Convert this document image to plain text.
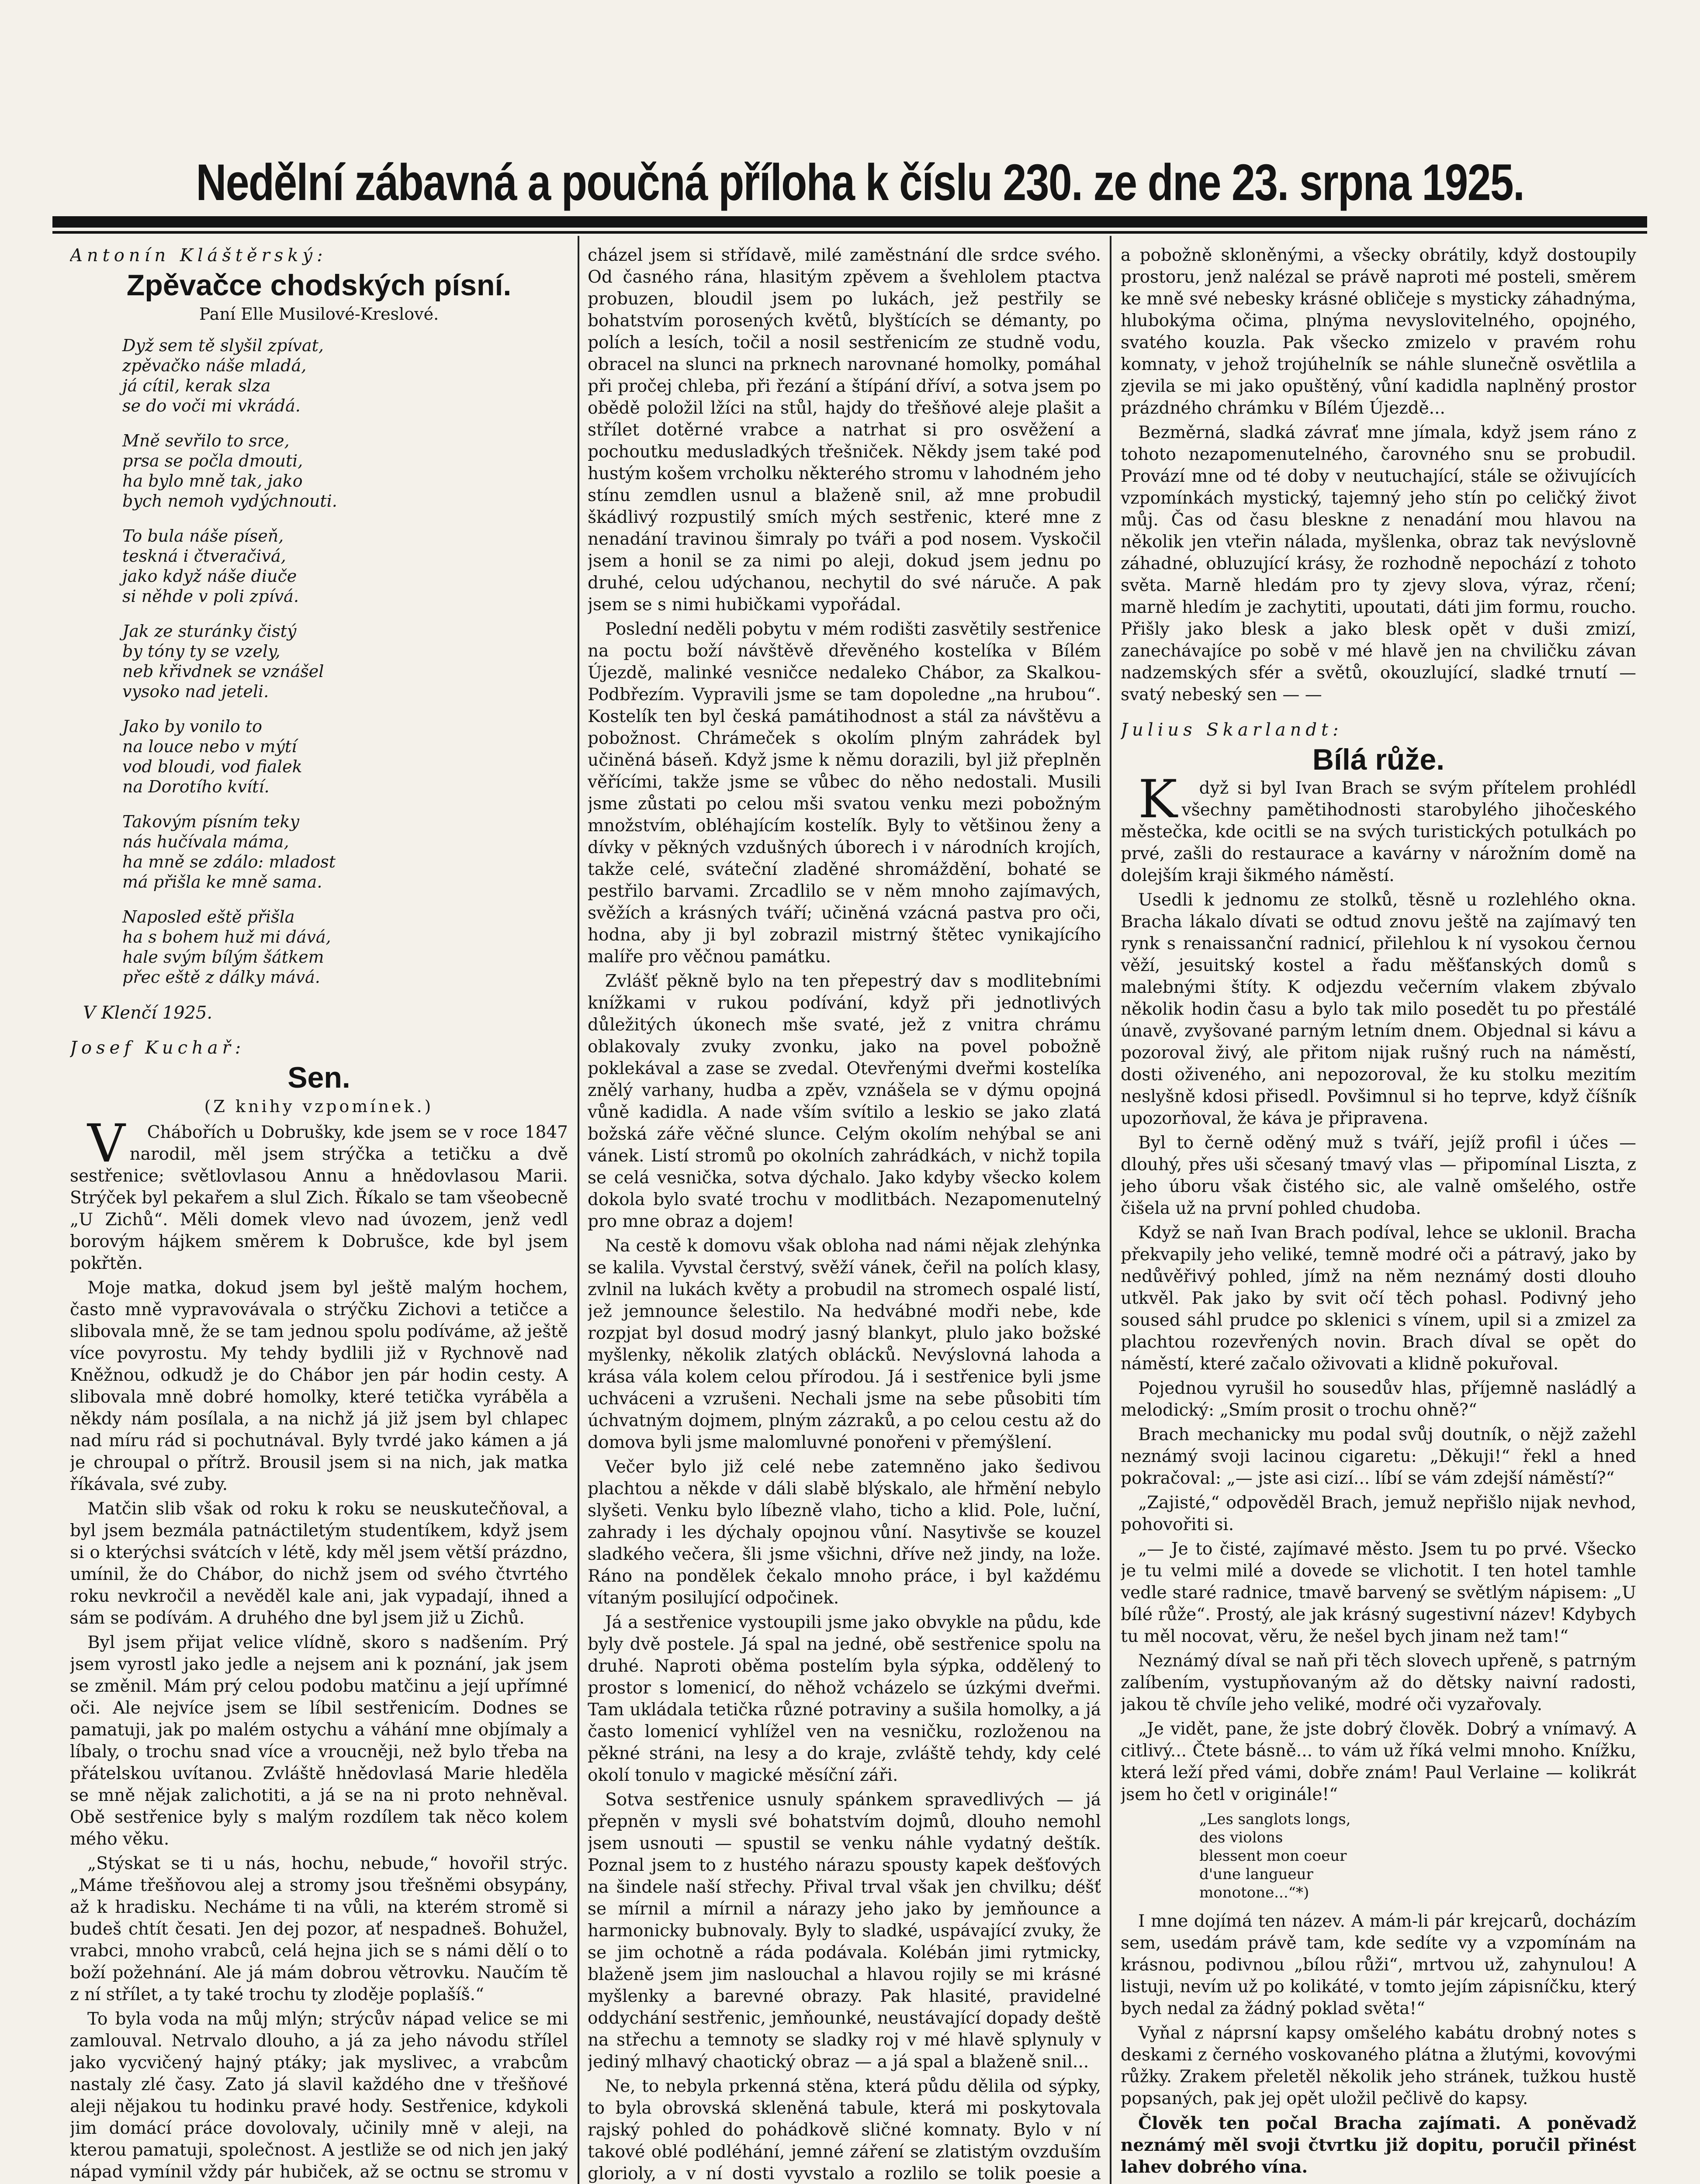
Nedělní zábavná a poučná příloha k číslu 230. ze dne 23. srpna 1925.
Antonín Kláštěrský:
Zpěvačce chodských písní.
Paní Elle Musilové-Kreslové.
Dyž sem tě slyšil zpívat,
zpěvačko náše mladá,
já cítil, kerak slza
se do voči mi vkrádá.
Mně sevřilo to srce,
prsa se počla dmouti,
ha bylo mně tak, jako
bych nemoh vydýchnouti.
To bula náše píseň,
teskná i čtveračivá,
jako když náše diuče
si něhde v poli zpívá.
Jak ze sturánky čistý
by tóny ty se vzely,
neb křivdnek se vznášel
vysoko nad jeteli.
Jako by vonilo to
na louce nebo v mýtí
vod bloudi, vod fialek
na Dorotího kvítí.
Takovým písním teky
nás hučívala máma,
ha mně se zdálo: mladost
má přišla ke mně sama.
Naposled eště přišla
ha s bohem huž mi dává,
hale svým bílým šátkem
přec eště z dálky mává.
V Klenčí 1925.
Josef Kuchař:
Sen.
(Z knihy vzpomínek.)

VChábořích u Dobrušky, kde jsem se v roce 1847 narodil, měl jsem strýčka a tetičku a dvě sestřenice; světlovlasou Annu a hnědovlasou Marii. Strýček byl pekařem a slul Zich. Říkalo se tam všeobecně „U Zichů“. Měli domek vlevo nad úvozem, jenž vedl borovým hájkem směrem k Dobrušce, kde byl jsem pokřtěn.

Moje matka, dokud jsem byl ještě malým hochem, často mně vypravovávala o strýčku Zichovi a tetičce a slibovala mně, že se tam jednou spolu podíváme, až ještě více povyrostu. My tehdy bydlili již v Rychnově nad Kněžnou, odkudž je do Chábor jen pár hodin cesty. A slibovala mně dobré homolky, které tetička vyráběla a někdy nám posílala, a na nichž já již jsem byl chlapec nad míru rád si pochutnával. Byly tvrdé jako kámen a já je chroupal o přítrž. Brousil jsem si na nich, jak matka říkávala, své zuby.

Matčin slib však od roku k roku se neuskutečňoval, a byl jsem bezmála patnáctiletým studentíkem, když jsem si o kterýchsi svátcích v létě, kdy měl jsem větší prázdno, umínil, že do Chábor, do nichž jsem od svého čtvrtého roku nevkročil a nevěděl kale ani, jak vypadají, ihned a sám se podívám. A druhého dne byl jsem již u Zichů.

Byl jsem přijat velice vlídně, skoro s nadšením. Prý jsem vyrostl jako jedle a nejsem ani k poznání, jak jsem se změnil. Mám prý celou podobu matčinu a její upřímné oči. Ale nejvíce jsem se líbil sestřenicím. Dodnes se pamatuji, jak po malém ostychu a váhání mne objímaly a líbaly, o trochu snad více a vroucněji, než bylo třeba na přátelskou uvítanou. Zvláště hnědovlasá Marie hleděla se mně nějak zalichotiti, a já se na ni proto nehněval. Obě sestřenice byly s malým rozdílem tak něco kolem mého věku.

„Stýskat se ti u nás, hochu, nebude,“ hovořil strýc. „Máme třešňovou alej a stromy jsou třešněmi obsypány, až k hradisku. Necháme ti na vůli, na kterém stromě si budeš chtít česati. Jen dej pozor, ať nespadneš. Bohužel, vrabci, mnoho vrabců, celá hejna jich se s námi dělí o to boží požehnání. Ale já mám dobrou větrovku. Naučím tě z ní střílet, a ty také trochu ty zloděje poplašíš.“

To byla voda na můj mlýn; strýcův nápad velice se mi zamlouval. Netrvalo dlouho, a já za jeho návodu střílel jako vycvičený hajný ptáky; jak myslivec, a vrabcům nastaly zlé časy. Zato já slavil každého dne v třešňové aleji nějakou tu hodinku pravé hody. Sestřenice, kdykoli jim domácí práce dovolovaly, učinily mně v aleji, na kterou pamatuji, společnost. A jestliže se od nich jen jaký nápad vymínil vždy pár hubiček, až se octnu se stromu v

cházel jsem si střídavě, milé zaměstnání dle srdce svého. Od časného rána, hlasitým zpěvem a švehlolem ptactva probuzen, bloudil jsem po lukách, jež pestřily se bohatstvím porosených květů, blyštících se démanty, po polích a lesích, točil a nosil sestřenicím ze studně vodu, obracel na slunci na prknech narovnané homolky, pomáhal při pročej chleba, při řezání a štípání dříví, a sotva jsem po obědě položil lžíci na stůl, hajdy do třešňové aleje plašit a střílet dotěrné vrabce a natrhat si pro osvěžení a pochoutku medusladkých třešniček. Někdy jsem také pod hustým košem vrcholku některého stromu v lahodném jeho stínu zemdlen usnul a blaženě snil, až mne probudil škádlivý rozpustilý smích mých sestřenic, které mne z nenadání travinou šimraly po tváři a pod nosem. Vyskočil jsem a honil se za nimi po aleji, dokud jsem jednu po druhé, celou udýchanou, nechytil do své náruče. A pak jsem se s nimi hubičkami vypořádal.

Poslední neděli pobytu v mém rodišti zasvětily sestřenice na poctu boží návštěvě dřevěného kostelíka v Bílém Újezdě, malinké vesničce nedaleko Chábor, za Skalkou-Podbřezím. Vypravili jsme se tam dopoledne „na hrubou“. Kostelík ten byl česká památihodnost a stál za návštěvu a pobožnost. Chrámeček s okolím plným zahrádek byl učiněná báseň. Když jsme k němu dorazili, byl již přeplněn věřícími, takže jsme se vůbec do něho nedostali. Musili jsme zůstati po celou mši svatou venku mezi pobožným množstvím, obléhajícím kostelík. Byly to většinou ženy a dívky v pěkných vzdušných úborech i v národních krojích, takže celé, sváteční zladěné shromáždění, bohaté se pestřilo barvami. Zrcadlilo se v něm mnoho zajímavých, svěžích a krásných tváří; učiněná vzácná pastva pro oči, hodna, aby ji byl zobrazil mistrný štětec vynikajícího malíře pro věčnou památku.

Zvlášť pěkně bylo na ten přepestrý dav s modlitebními knížkami v rukou podívání, když při jednotlivých důležitých úkonech mše svaté, jež z vnitra chrámu oblakovaly zvuky zvonku, jako na povel pobožně poklekával a zase se zvedal. Otevřenými dveřmi kostelíka znělý varhany, hudba a zpěv, vznášela se v dýmu opojná vůně kadidla. A nade vším svítilo a leskio se jako zlatá božská záře věčné slunce. Celým okolím nehýbal se ani vánek. Listí stromů po okolních zahrádkách, v nichž topila se celá vesnička, sotva dýchalo. Jako kdyby všecko kolem dokola bylo svaté trochu v modlitbách. Nezapomenutelný pro mne obraz a dojem!

Na cestě k domovu však obloha nad námi nějak zlehýnka se kalila. Vyvstal čerstvý, svěží vánek, čeřil na polích klasy, zvlnil na lukách květy a probudil na stromech ospalé listí, jež jemnounce šelestilo. Na hedvábné modři nebe, kde rozpjat byl dosud modrý jasný blankyt, plulo jako božské myšlenky, několik zlatých oblácků. Nevýslovná lahoda a krása vála kolem celou přírodou. Já i sestřenice byli jsme uchváceni a vzrušeni. Nechali jsme na sebe působiti tím úchvatným dojmem, plným zázraků, a po celou cestu až do domova byli jsme malomluvné ponořeni v přemýšlení.

Večer bylo již celé nebe zatemněno jako šedivou plachtou a někde v dáli slabě blýskalo, ale hřmění nebylo slyšeti. Venku bylo líbezně vlaho, ticho a klid. Pole, luční, zahrady i les dýchaly opojnou vůní. Nasytivše se kouzel sladkého večera, šli jsme všichni, dříve než jindy, na lože. Ráno na pondělek čekalo mnoho práce, i byl každému vítaným posilující odpočinek.

Já a sestřenice vystoupili jsme jako obvykle na půdu, kde byly dvě postele. Já spal na jedné, obě sestřenice spolu na druhé. Naproti oběma postelím byla sýpka, oddělený to prostor s lomenicí, do něhož vcházelo se úzkými dveřmi. Tam ukládala tetička různé potraviny a sušila homolky, a já často lomenicí vyhlížel ven na vesničku, rozloženou na pěkné stráni, na lesy a do kraje, zvláště tehdy, kdy celé okolí tonulo v magické měsíční záři.

Sotva sestřenice usnuly spánkem spravedlivých — já přepněn v mysli své bohatstvím dojmů, dlouho nemohl jsem usnouti — spustil se venku náhle vydatný deštík. Poznal jsem to z hustého nárazu spousty kapek dešťových na šindele naší střechy. Přival trval však jen chvilku; déšť se mírnil a mírnil a nárazy jeho jako by jemňounce a harmonicky bubnovaly. Byly to sladké, uspávající zvuky, že se jim ochotně a ráda podávala. Kolébán jimi rytmicky, blaženě jsem jim naslouchal a hlavou rojily se mi krásné myšlenky a barevné obrazy. Pak hlasité, pravidelné oddychání sestřenic, jemňounké, neustávající dopady deště na střechu a temnoty se sladky roj v mé hlavě splynuly v jediný mlhavý chaotický obraz — a já spal a blaženě snil...

Ne, to nebyla prkenná stěna, která půdu dělila od sýpky, to byla obrovská skleněná tabule, která mi poskytovala rajský pohled do pohádkově sličné komnaty. Bylo v ní takové oblé podléhání, jemné záření se zlatistým ovzduším glorioly, a v ní dosti vyvstalo a rozlilo se tolik poesie a

a pobožně skloněnými, a všecky obrátily, když dostoupily prostoru, jenž nalézal se právě naproti mé posteli, směrem ke mně své nebesky krásné obličeje s mysticky záhadnýma, hlubokýma očima, plnýma nevyslovitelného, opojného, svatého kouzla. Pak všecko zmizelo v pravém rohu komnaty, v jehož trojúhelník se náhle slunečně osvětlila a zjevila se mi jako opuštěný, vůní kadidla naplněný prostor prázdného chrámku v Bílém Újezdě...

Bezměrná, sladká závrať mne jímala, když jsem ráno z tohoto nezapomenutelného, čarovného snu se probudil. Provází mne od té doby v neutuchající, stále se oživujících vzpomínkách mystický, tajemný jeho stín po celičký život můj. Čas od času bleskne z nenadání mou hlavou na několik jen vteřin nálada, myšlenka, obraz tak nevýslovně záhadné, obluzující krásy, že rozhodně nepochází z tohoto světa. Marně hledám pro ty zjevy slova, výraz, rčení; marně hledím je zachytiti, upoutati, dáti jim formu, roucho. Přišly jako blesk a jako blesk opět v duši zmizí, zanechávajíce po sobě v mé hlavě jen na chviličku závan nadzemských sfér a světů, okouzlující, sladké trnutí — svatý nebeský sen — —

Julius Skarlandt:
Bílá růže.

Když si byl Ivan Brach se svým přítelem prohlédl všechny pamětihodnosti starobylého jihočeského městečka, kde ocitli se na svých turistických potulkách po prvé, zašli do restaurace a kavárny v nárožním domě na dolejším kraji šikmého náměstí.

Usedli k jednomu ze stolků, těsně u rozlehlého okna. Bracha lákalo dívati se odtud znovu ještě na zajímavý ten rynk s renaissanční radnicí, přilehlou k ní vysokou černou věží, jesuitský kostel a řadu měšťanských domů s malebnými štíty. K odjezdu večerním vlakem zbývalo několik hodin času a bylo tak milo posedět tu po přestálé únavě, zvyšované parným letním dnem. Objednal si kávu a pozoroval živý, ale přitom nijak rušný ruch na náměstí, dosti oživeného, ani nepozoroval, že ku stolku mezitím neslyšně kdosi přisedl. Povšimnul si ho teprve, když číšník upozorňoval, že káva je připravena.

Byl to černě oděný muž s tváří, jejíž profil i účes — dlouhý, přes uši sčesaný tmavý vlas — připomínal Liszta, z jeho úboru však čistého sic, ale valně omšelého, ostře čišela už na první pohled chudoba.

Když se naň Ivan Brach podíval, lehce se uklonil. Bracha překvapily jeho veliké, temně modré oči a pátravý, jako by nedůvěřivý pohled, jímž na něm neznámý dosti dlouho utkvěl. Pak jako by svit očí těch pohasl. Podivný jeho soused sáhl prudce po sklenici s vínem, upil si a zmizel za plachtou rozevřených novin. Brach díval se opět do náměstí, které začalo oživovati a klidně pokuřoval.

Pojednou vyrušil ho sousedův hlas, příjemně nasládlý a melodický: „Smím prosit o trochu ohně?“

Brach mechanicky mu podal svůj doutník, o nějž zažehl neznámý svoji lacinou cigaretu: „Děkuji!“ řekl a hned pokračoval: „— jste asi cizí... líbí se vám zdejší náměstí?“

„Zajisté,“ odpověděl Brach, jemuž nepřišlo nijak nevhod, pohovořiti si.

„— Je to čisté, zajímavé město. Jsem tu po prvé. Všecko je tu velmi milé a dovede se vlichotit. I ten hotel tamhle vedle staré radnice, tmavě barvený se světlým nápisem: „U bílé růže“. Prostý, ale jak krásný sugestivní název! Kdybych tu měl nocovat, věru, že nešel bych jinam než tam!“

Neznámý díval se naň při těch slovech upřeně, s patrným zalíbením, vystupňovaným až do dětsky naivní radosti, jakou tě chvíle jeho veliké, modré oči vyzařovaly.

„Je vidět, pane, že jste dobrý člověk. Dobrý a vnímavý. A citlivý... Čtete básně... to vám už říká velmi mnoho. Knížku, která leží před vámi, dobře znám! Paul Verlaine — kolikrát jsem ho četl v originále!“

„Les sanglots longs,
des violons
blessent mon coeur
d'une langueur
monotone...“*)

I mne dojímá ten název. A mám-li pár krejcarů, docházím sem, usedám právě tam, kde sedíte vy a vzpomínám na krásnou, podivnou „bílou růži“, mrtvou už, zahynulou! A listuji, nevím už po kolikáté, v tomto jejím zápisníčku, který bych nedal za žádný poklad světa!“

Vyňal z náprsní kapsy omšelého kabátu drobný notes s deskami z černého voskovaného plátna a žlutými, kovovými růžky. Zrakem přeletěl několik jeho stránek, tužkou hustě popsaných, pak jej opět uložil pečlivě do kapsy.

Člověk ten počal Bracha zajímati. A poněvadž neznámý měl svoji čtvrtku již dopitu, poručil přinést lahev dobrého vína.
